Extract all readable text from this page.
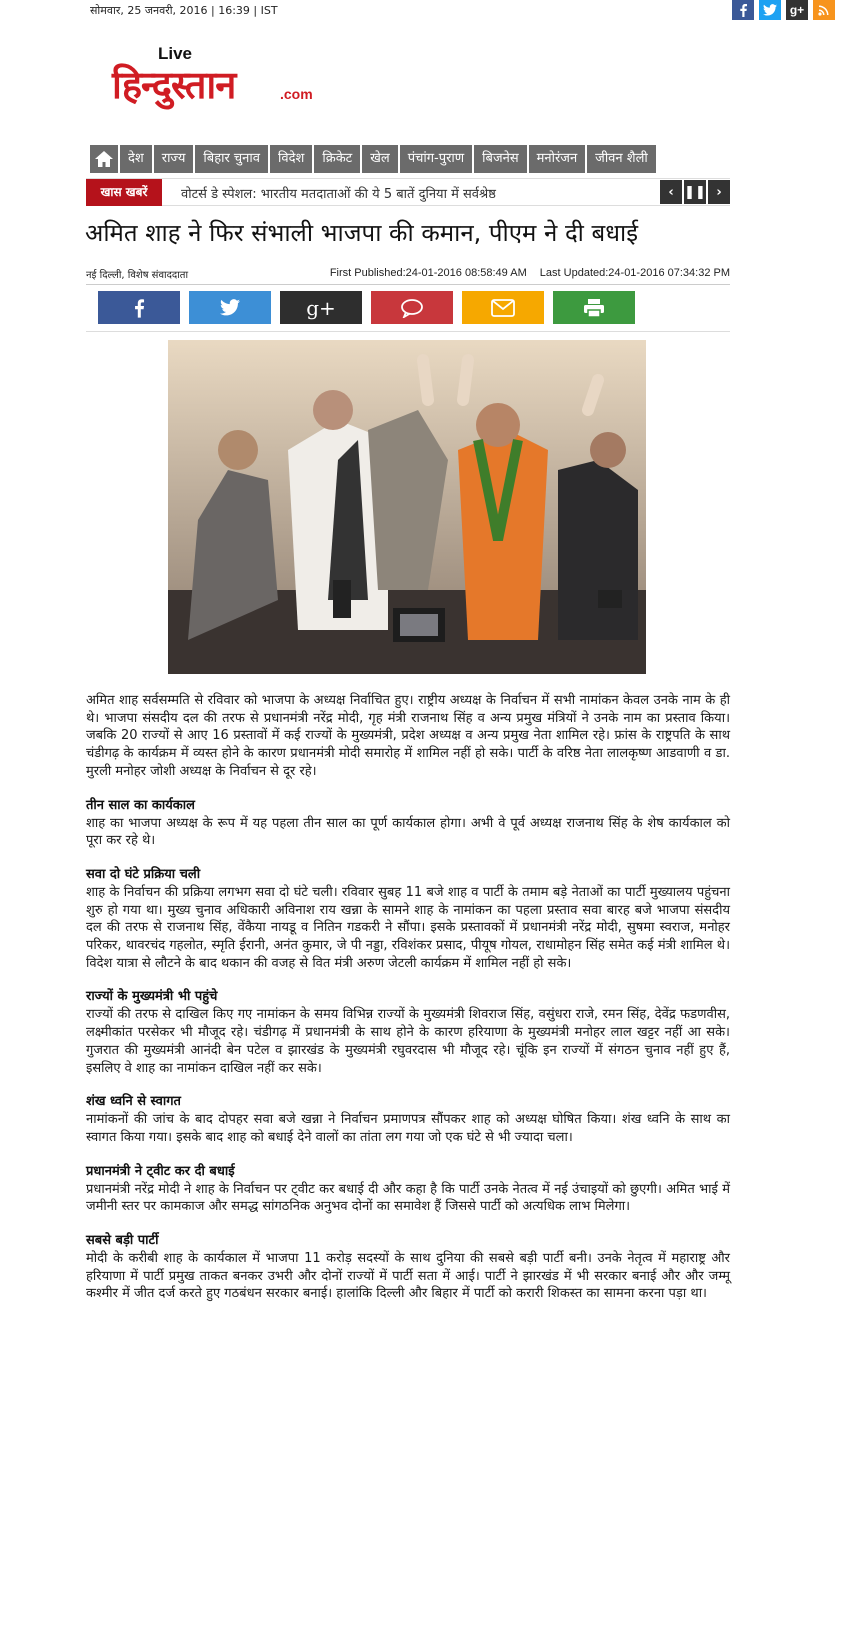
सोमवार, 25 जनवरी, 2016 | 16:39 | IST	g+
Live
हिन्दुस्तान	.com
देश	राज्य	बिहार चुनाव	विदेश	क्रिकेट	खेल	पंचांग-पुराण	बिजनेस	मनोरंजन	जीवन शैली
खास खबरें	वोटर्स डे स्पेशल: भारतीय मतदाताओं की ये 5 बातें दुनिया में सर्वश्रेष्ठ	‹ ❚❚ ›
अमित शाह ने फिर संभाली भाजपा की कमान, पीएम ने दी बधाई
नई दिल्ली, विशेष संवाददाता	First Published:24-01-2016 08:58:49 AM Last Updated:24-01-2016 07:34:32 PM
g+

अमित शाह सर्वसम्मति से रविवार को भाजपा के अध्यक्ष निर्वाचित हुए। राष्ट्रीय अध्यक्ष के निर्वाचन में सभी नामांकन केवल उनके नाम के ही थे। भाजपा संसदीय दल की तरफ से प्रधानमंत्री नरेंद्र मोदी, गृह मंत्री राजनाथ सिंह व अन्य प्रमुख मंत्रियों ने उनके नाम का प्रस्ताव किया। जबकि 20 राज्यों से आए 16 प्रस्तावों में कई राज्यों के मुख्यमंत्री, प्रदेश अध्यक्ष व अन्य प्रमुख नेता शामिल रहे। फ्रांस के राष्ट्रपति के साथ चंडीगढ़ के कार्यक्रम में व्यस्त होने के कारण प्रधानमंत्री मोदी समारोह में शामिल नहीं हो सके। पार्टी के वरिष्ठ नेता लालकृष्ण आडवाणी व डा. मुरली मनोहर जोशी अध्यक्ष के निर्वाचन से दूर रहे।

तीन साल का कार्यकाल

शाह का भाजपा अध्यक्ष के रूप में यह पहला तीन साल का पूर्ण कार्यकाल होगा। अभी वे पूर्व अध्यक्ष राजनाथ सिंह के शेष कार्यकाल को पूरा कर रहे थे।

सवा दो घंटे प्रक्रिया चली

शाह के निर्वाचन की प्रक्रिया लगभग सवा दो घंटे चली। रविवार सुबह 11 बजे शाह व पार्टी के तमाम बड़े नेताओं का पार्टी मुख्यालय पहुंचना शुरु हो गया था। मुख्य चुनाव अधिकारी अविनाश राय खन्ना के सामने शाह के नामांकन का पहला प्रस्ताव सवा बारह बजे भाजपा संसदीय दल की तरफ से राजनाथ सिंह, वेंकैया नायडू व नितिन गडकरी ने सौंपा। इसके प्रस्तावकों में प्रधानमंत्री नरेंद्र मोदी, सुषमा स्वराज, मनोहर परिकर, थावरचंद गहलोत, स्मृति ईरानी, अनंत कुमार, जे पी नड्डा, रविशंकर प्रसाद, पीयूष गोयल, राधामोहन सिंह समेत कई मंत्री शामिल थे। विदेश यात्रा से लौटने के बाद थकान की वजह से वित मंत्री अरुण जेटली कार्यक्रम में शामिल नहीं हो सके।

राज्यों के मुख्यमंत्री भी पहुंचे

राज्यों की तरफ से दाखिल किए गए नामांकन के समय विभिन्न राज्यों के मुख्यमंत्री शिवराज सिंह, वसुंधरा राजे, रमन सिंह, देवेंद्र फडणवीस, लक्ष्मीकांत परसेकर भी मौजूद रहे। चंडीगढ़ में प्रधानमंत्री के साथ होने के कारण हरियाणा के मुख्यमंत्री मनोहर लाल खट्टर नहीं आ सके। गुजरात की मुख्यमंत्री आनंदी बेन पटेल व झारखंड के मुख्यमंत्री रघुवरदास भी मौजूद रहे। चूंकि इन राज्यों में संगठन चुनाव नहीं हुए हैं, इसलिए वे शाह का नामांकन दाखिल नहीं कर सके।

शंख ध्वनि से स्वागत

नामांकनों की जांच के बाद दोपहर सवा बजे खन्ना ने निर्वाचन प्रमाणपत्र सौंपकर शाह को अध्यक्ष घोषित किया। शंख ध्वनि के साथ का स्वागत किया गया। इसके बाद शाह को बधाई देने वालों का तांता लग गया जो एक घंटे से भी ज्यादा चला।

प्रधानमंत्री ने ट्वीट कर दी बधाई

प्रधानमंत्री नरेंद्र मोदी ने शाह के निर्वाचन पर ट्वीट कर बधाई दी और कहा है कि पार्टी उनके नेतत्व में नई उंचाइयों को छुएगी। अमित भाई में जमीनी स्तर पर कामकाज और समद्ध सांगठनिक अनुभव दोनों का समावेश हैं जिससे पार्टी को अत्यधिक लाभ मिलेगा।

सबसे बड़ी पार्टी

मोदी के करीबी शाह के कार्यकाल में भाजपा 11 करोड़ सदस्यों के साथ दुनिया की सबसे बड़ी पार्टी बनी। उनके नेतृत्व में महाराष्ट्र और हरियाणा में पार्टी प्रमुख ताकत बनकर उभरी और दोनों राज्यों में पार्टी सता में आई। पार्टी ने झारखंड में भी सरकार बनाई और और जम्मू कश्मीर में जीत दर्ज करते हुए गठबंधन सरकार बनाई। हालांकि दिल्ली और बिहार में पार्टी को करारी शिकस्त का सामना करना पड़ा था।
